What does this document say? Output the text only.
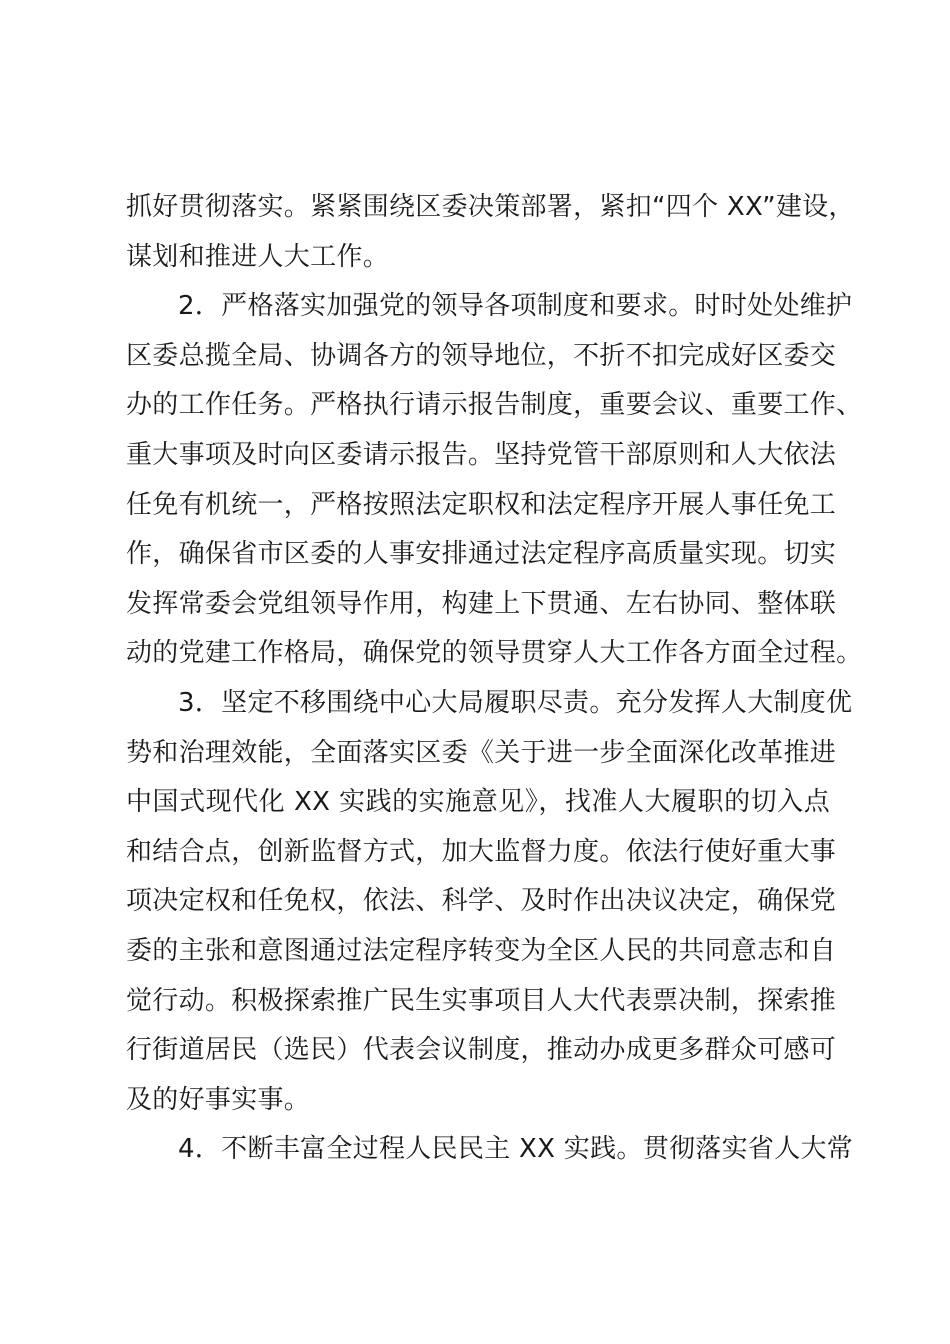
抓好贯彻落实。紧紧围绕区委决策部署，紧扣“四个 XX”建设，
谋划和推进人大工作。
2．严格落实加强党的领导各项制度和要求。时时处处维护
区委总揽全局、协调各方的领导地位，不折不扣完成好区委交
办的工作任务。严格执行请示报告制度，重要会议、重要工作、
重大事项及时向区委请示报告。坚持党管干部原则和人大依法
任免有机统一，严格按照法定职权和法定程序开展人事任免工
作，确保省市区委的人事安排通过法定程序高质量实现。切实
发挥常委会党组领导作用，构建上下贯通、左右协同、整体联
动的党建工作格局，确保党的领导贯穿人大工作各方面全过程。
3．坚定不移围绕中心大局履职尽责。充分发挥人大制度优
势和治理效能，全面落实区委《关于进一步全面深化改革推进
中国式现代化 XX 实践的实施意见》，找准人大履职的切入点
和结合点，创新监督方式，加大监督力度。依法行使好重大事
项决定权和任免权，依法、科学、及时作出决议决定，确保党
委的主张和意图通过法定程序转变为全区人民的共同意志和自
觉行动。积极探索推广民生实事项目人大代表票决制，探索推
行街道居民（选民）代表会议制度，推动办成更多群众可感可
及的好事实事。
4．不断丰富全过程人民民主 XX 实践。贯彻落实省人大常
